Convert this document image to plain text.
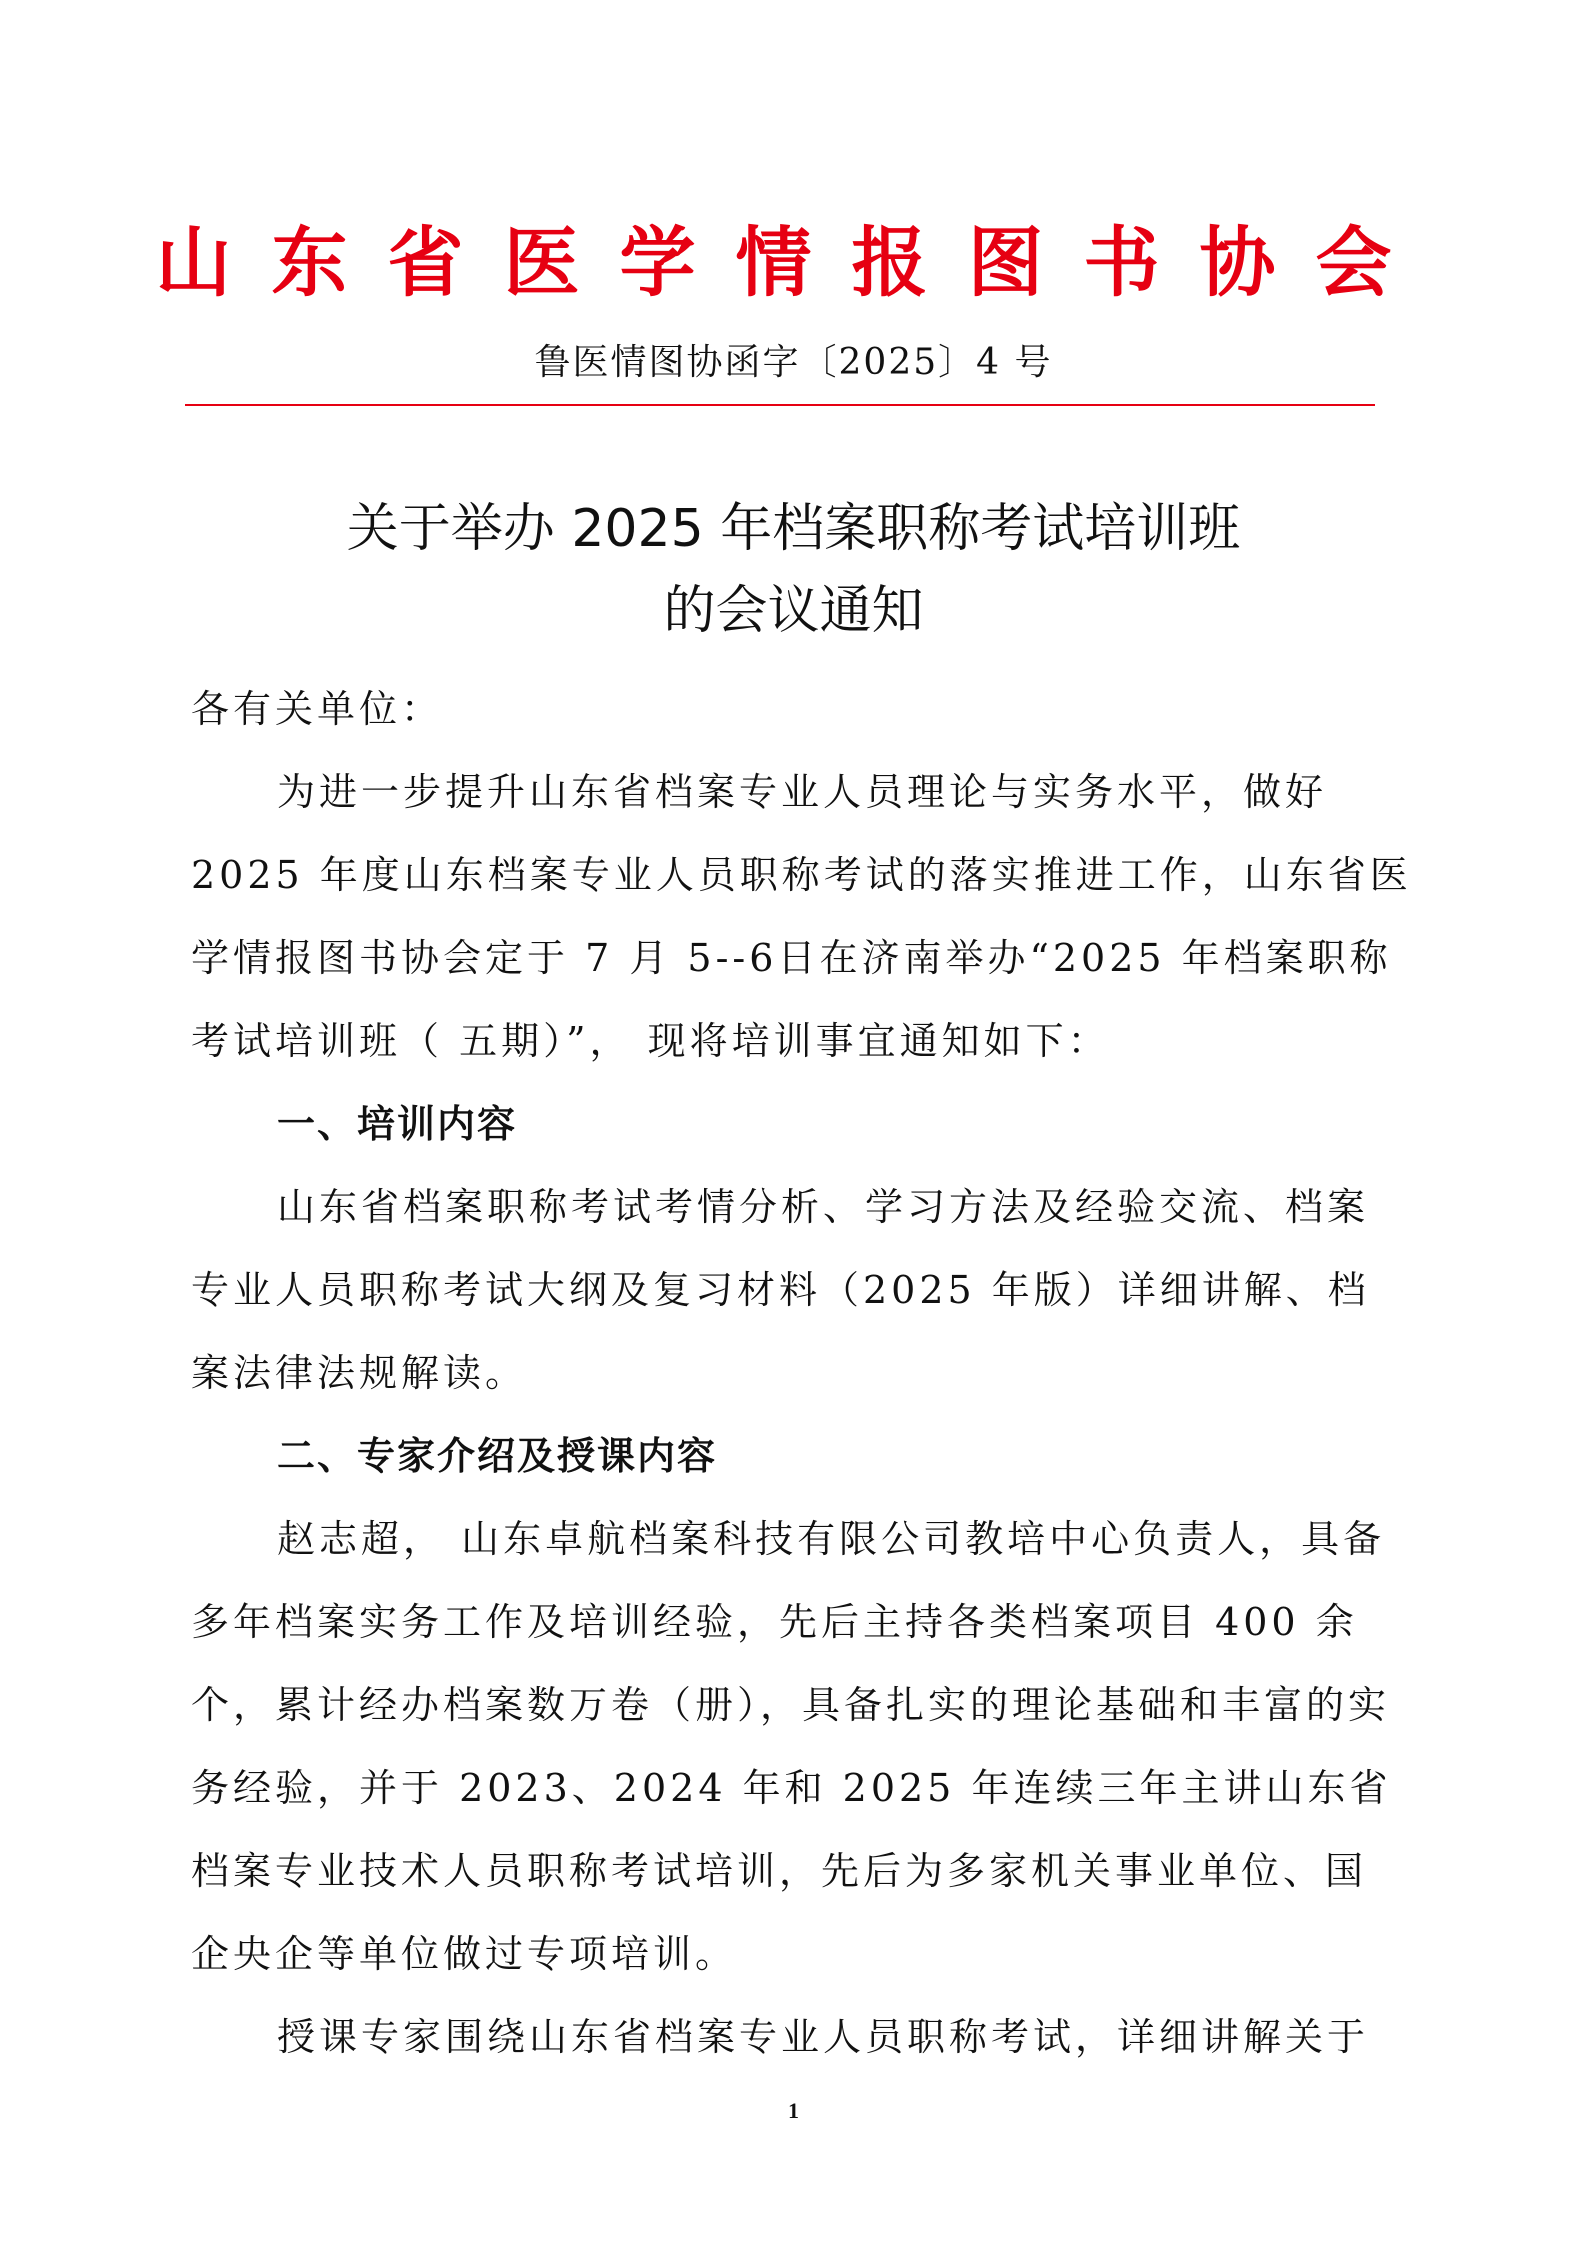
山东省医学情报图书协会
鲁医情图协函字〔2025〕4 号
关于举办 2025 年档案职称考试培训班
的会议通知

各有关单位：

为进一步提升山东省档案专业人员理论与实务水平，做好

2025 年度山东档案专业人员职称考试的落实推进工作，山东省医

学情报图书协会定于 7 月 5--6日在济南举办“2025 年档案职称

考试培训班（ 五期）”， 现将培训事宜通知如下：

一、培训内容

山东省档案职称考试考情分析、学习方法及经验交流、档案专业人员职称考试大纲及复习材料（2025 年版）详细讲解、档案法律法规解读。

二、专家介绍及授课内容

赵志超， 山东卓航档案科技有限公司教培中心负责人，具备多年档案实务工作及培训经验，先后主持各类档案项目 400 余个，累计经办档案数万卷（册），具备扎实的理论基础和丰富的实务经验，并于 2023、2024 年和 2025 年连续三年主讲山东省档案专业技术人员职称考试培训，先后为多家机关事业单位、国企央企等单位做过专项培训。

授课专家围绕山东省档案专业人员职称考试，详细讲解关于

1
